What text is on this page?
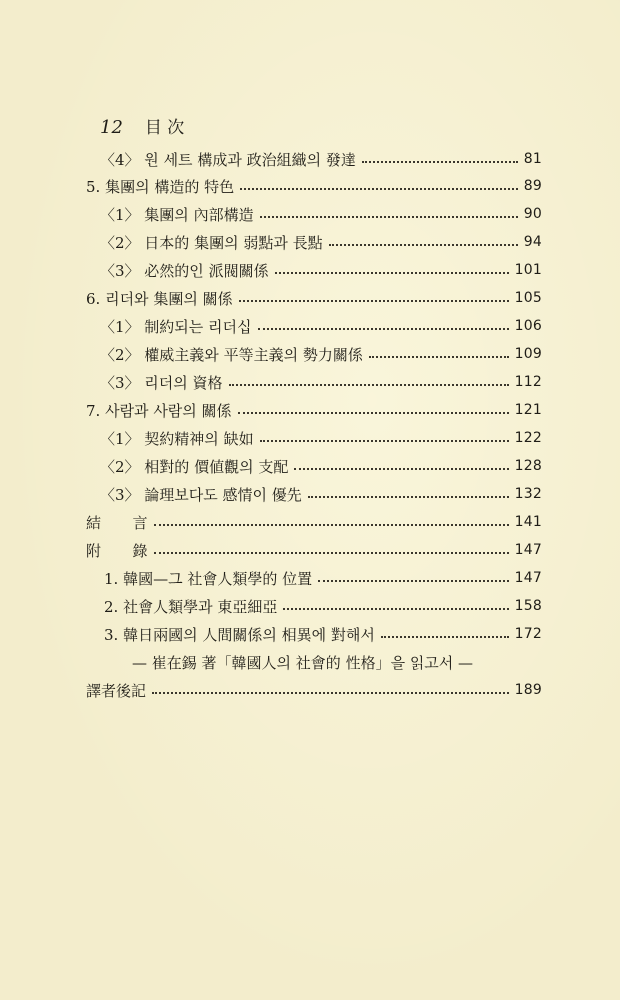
12 目 次
〈4〉 원 세트 構成과 政治組織의 發達	81
5. 集團의 構造的 特色	89
〈1〉 集團의 內部構造	90
〈2〉 日本的 集團의 弱點과 長點	94
〈3〉 必然的인 派閥關係	101
6. 리더와 集團의 關係	105
〈1〉 制約되는 리더십	106
〈2〉 權威主義와 平等主義의 勢力關係	109
〈3〉 리더의 資格	112
7. 사람과 사람의 關係	121
〈1〉 契約精神의 缺如	122
〈2〉 相對的 價値觀의 支配	128
〈3〉 論理보다도 感情이 優先	132
結　　言	141
附　　錄	147
1. 韓國—그 社會人類學的 位置	147
2. 社會人類學과 東亞細亞	158
3. 韓日兩國의 人間關係의 相異에 對해서	172
— 崔在錫 著「韓國人의 社會的 性格」을 읽고서 —
譯者後記	189
